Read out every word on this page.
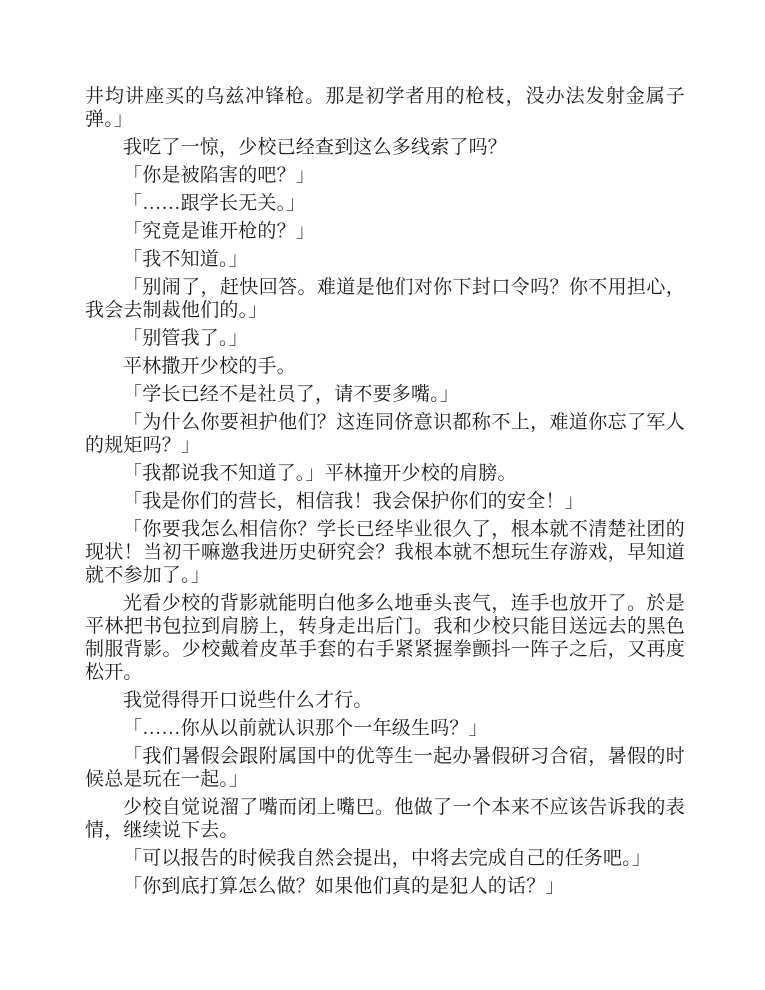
井均讲座买的乌兹冲锋枪。那是初学者用的枪枝，没办法发射金属子弹。」

我吃了一惊，少校已经查到这么多线索了吗？

「你是被陷害的吧？」

「……跟学长无关。」

「究竟是谁开枪的？」

「我不知道。」

「别闹了，赶快回答。难道是他们对你下封口令吗？你不用担心，我会去制裁他们的。」

「别管我了。」

平林撒开少校的手。

「学长已经不是社员了，请不要多嘴。」

「为什么你要袒护他们？这连同侪意识都称不上，难道你忘了军人的规矩吗？」

「我都说我不知道了。」平林撞开少校的肩膀。

「我是你们的营长，相信我！我会保护你们的安全！」

「你要我怎么相信你？学长已经毕业很久了，根本就不清楚社团的现状！当初干嘛邀我进历史研究会？我根本就不想玩生存游戏，早知道就不参加了。」

光看少校的背影就能明白他多么地垂头丧气，连手也放开了。於是平林把书包拉到肩膀上，转身走出后门。我和少校只能目送远去的黑色制服背影。少校戴着皮革手套的右手紧紧握拳颤抖一阵子之后，又再度松开。

我觉得得开口说些什么才行。

「……你从以前就认识那个一年级生吗？」

「我们暑假会跟附属国中的优等生一起办暑假研习合宿，暑假的时候总是玩在一起。」

少校自觉说溜了嘴而闭上嘴巴。他做了一个本来不应该告诉我的表情，继续说下去。

「可以报告的时候我自然会提出，中将去完成自己的任务吧。」

「你到底打算怎么做？如果他们真的是犯人的话？」
